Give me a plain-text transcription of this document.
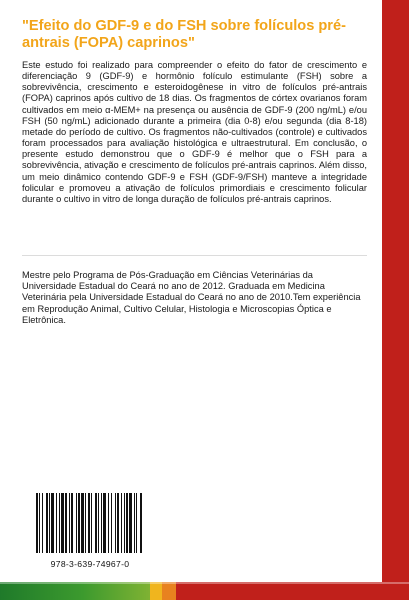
"Efeito do GDF-9 e do FSH sobre folículos pré-antrais (FOPA) caprinos"

Este estudo foi realizado para compreender o efeito do fator de crescimento e diferenciação 9 (GDF-9) e hormônio folículo estimulante (FSH) sobre a sobrevivência, crescimento e esteroidogênese in vitro de folículos pré-antrais (FOPA) caprinos após cultivo de 18 dias. Os fragmentos de córtex ovarianos foram cultivados em meio α-MEM+ na presença ou ausência de GDF-9 (200 ng/mL) e/ou FSH (50 ng/mL) adicionado durante a primeira (dia 0-8) e/ou segunda (dia 8-18) metade do período de cultivo. Os fragmentos não-cultivados (controle) e cultivados foram processados para avaliação histológica e ultraestrutural. Em conclusão, o presente estudo demonstrou que o GDF-9 é melhor que o FSH para a sobrevivência, ativação e crescimento de folículos pré-antrais caprinos. Além disso, um meio dinâmico contendo GDF-9 e FSH (GDF-9/FSH) manteve a integridade folicular e promoveu a ativação de folículos primordiais e crescimento folicular durante o cultivo in vitro de longa duração de folículos pré-antrais caprinos.

Mestre pelo Programa de Pós-Graduação em Ciências Veterinárias da Universidade Estadual do Ceará no ano de 2012. Graduada em Medicina Veterinária pela Universidade Estadual do Ceará no ano de 2010.Tem experiência em Reprodução Animal, Cultivo Celular, Histologia e Microscopias Óptica e Eletrônica.

978-3-639-74967-0
